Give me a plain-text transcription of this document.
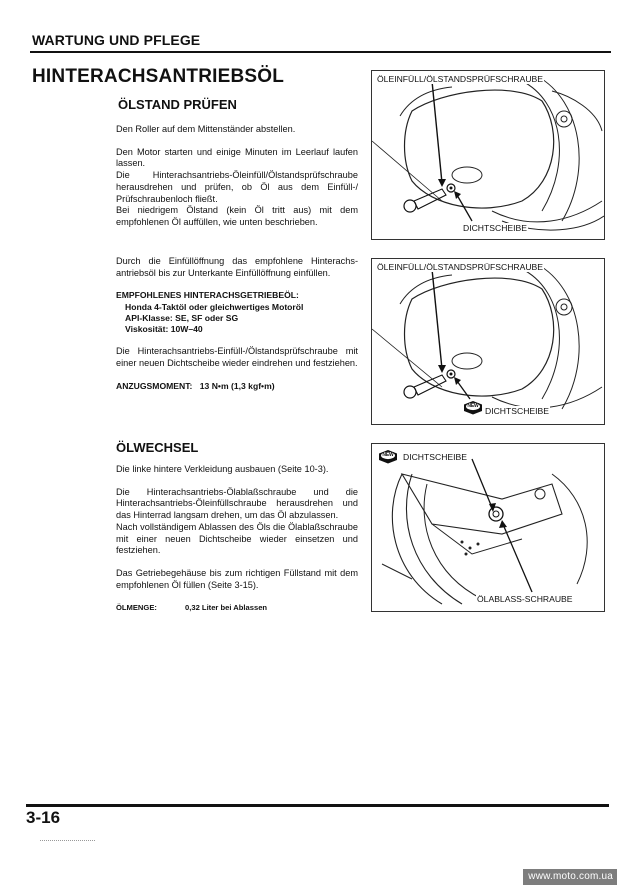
WARTUNG UND PFLEGE
HINTERACHSANTRIEBSÖL
ÖLSTAND PRÜFEN

Den Roller auf dem Mittenständer abstellen.

Den Motor starten und einige Minuten im Leerlauf laufen lassen.

Die Hinterachsantriebs-Öleinfüll/Ölstandsprüfschraube herausdrehen und prüfen, ob Öl aus dem Einfüll-/ Prüfschraubenloch fließt.

Bei niedrigem Ölstand (kein Öl tritt aus) mit dem empfohlenen Öl auffüllen, wie unten beschrieben.

Durch die Einfüllöffnung das empfohlene Hinterachs-antriebsöl bis zur Unterkante Einfüllöffnung einfüllen.

EMPFOHLENES HINTERACHSGETRIEBEÖL:

Honda 4-Taktöl oder gleichwertiges Motoröl

API-Klasse: SE, SF oder SG

Viskosität: 10W–40

Die Hinterachsantriebs-Einfüll-/Ölstandsprüfschraube mit einer neuen Dichtscheibe wieder eindrehen und festziehen.

ANZUGSMOMENT: 13 N•m (1,3 kgf•m)

ÖLWECHSEL

Die linke hintere Verkleidung ausbauen (Seite 10-3).

Die Hinterachsantriebs-Ölablaßschraube und die Hinterachsantriebs-Öleinfüllschraube herausdrehen und das Hinterrad langsam drehen, um das Öl abzulassen.

Nach vollständigem Ablassen des Öls die Ölablaßschraube mit einer neuen Dichtscheibe wieder einsetzen und festziehen.

Das Getriebegehäuse bis zum richtigen Füllstand mit dem empfohlenen Öl füllen (Seite 3-15).

ÖLMENGE:	0,32 Liter bei Ablassen

ÖLEINFÜLL/ÖLSTANDSPRÜFSCHRAUBE
DICHTSCHEIBE
NEW DICHTSCHEIBE
ÖLEINFÜLL/ÖLSTANDSPRÜFSCHRAUBE
NEW	DICHTSCHEIBE
ÖLABLASS-SCHRAUBE
3-16
www.moto.com.ua
